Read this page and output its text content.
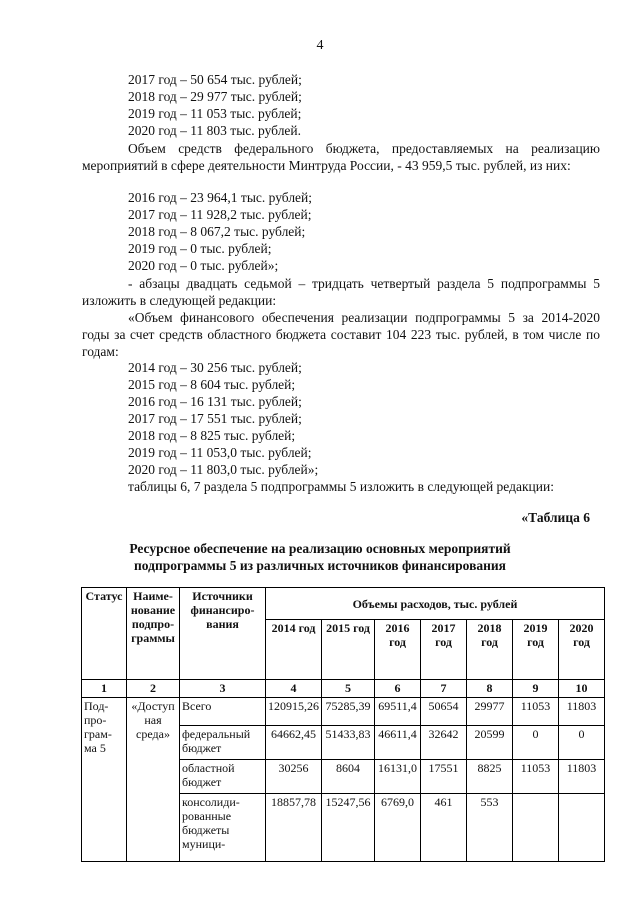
4
2017 год – 50 654 тыс. рублей;
2018 год – 29 977 тыс. рублей;
2019 год – 11 053 тыс. рублей;
2020 год – 11 803 тыс. рублей.
Объем средств федерального бюджета, предоставляемых на реализацию мероприятий в сфере деятельности Минтруда России, - 43 959,5 тыс. рублей, из них:
2016 год – 23 964,1 тыс. рублей;
2017 год – 11 928,2 тыс. рублей;
2018 год – 8 067,2 тыс. рублей;
2019 год – 0 тыс. рублей;
2020 год – 0 тыс. рублей»;
- абзацы двадцать седьмой – тридцать четвертый раздела 5 подпрограммы 5 изложить в следующей редакции:
«Объем финансового обеспечения реализации подпрограммы 5 за 2014-2020 годы за счет средств областного бюджета составит 104 223 тыс. рублей, в том числе по годам:
2014 год – 30 256 тыс. рублей;
2015 год – 8 604 тыс. рублей;
2016 год – 16 131 тыс. рублей;
2017 год – 17 551 тыс. рублей;
2018 год – 8 825 тыс. рублей;
2019 год – 11 053,0 тыс. рублей;
2020 год – 11 803,0 тыс. рублей»;
таблицы 6, 7 раздела 5 подпрограммы 5 изложить в следующей редакции:
«Таблица 6
Ресурсное обеспечение на реализацию основных мероприятий
подпрограммы 5 из различных источников финансирования
Статус	Наиме- нование подпро- граммы	Источники финансиро- вания	Объемы расходов, тыс. рублей						
			2014 год	2015 год	2016 год	2017 год	2018 год	2019 год	2020 год
1	2	3	4	5	6	7	8	9	10
Под- про- грам- ма 5	«Доступ ная среда»	Всего	120915,26	75285,39	69511,4	50654	29977	11053	11803
		федеральный бюджет	64662,45	51433,83	46611,4	32642	20599	0	0
		областной бюджет	30256	8604	16131,0	17551	8825	11053	11803
		консолиди- рованные бюджеты муници-	18857,78	15247,56	6769,0	461	553		
